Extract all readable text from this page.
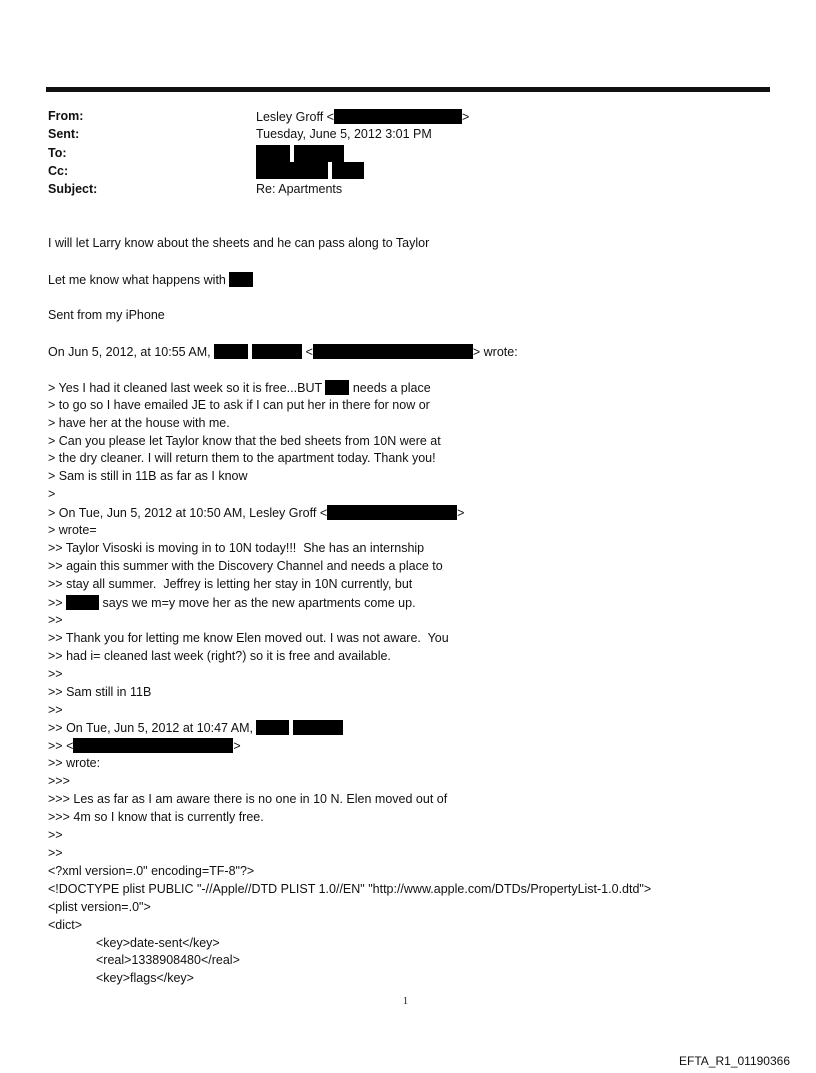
From:	Lesley Groff <	>
Sent:	Tuesday, June 5, 2012 3:01 PM
To:
Cc:
Subject:	Re: Apartments
I will let Larry know about the sheets and he can pass along to Taylor
Let me know what happens with
Sent from my iPhone
On Jun 5, 2012, at 10:55 AM,	<	> wrote:
> Yes I had it cleaned last week so it is free...BUT  needs a place
> to go so I have emailed JE to ask if I can put her in there for now or
> have her at the house with me.
> Can you please let Taylor know that the bed sheets from 10N were at
> the dry cleaner. I will return them to the apartment today. Thank you!
> Sam is still in 11B as far as I know
>
> On Tue, Jun 5, 2012 at 10:50 AM, Lesley Groff <	>
> wrote=
>> Taylor Visoski is moving in to 10N today!!!  She has an internship
>> again this summer with the Discovery Channel and needs a place to
>> stay all summer.  Jeffrey is letting her stay in 10N currently, but
>>	says we m=y move her as the new apartments come up.
>>
>> Thank you for letting me know Elen moved out. I was not aware.  You
>> had i= cleaned last week (right?) so it is free and available.
>>
>> Sam still in 11B
>>
>> On Tue, Jun 5, 2012 at 10:47 AM,
>> <	>
>> wrote:
>>>
>>> Les as far as I am aware there is no one in 10 N. Elen moved out of
>>> 4m so I know that is currently free.
>>
>>
<?xml version=.0" encoding=TF-8"?>
<!DOCTYPE plist PUBLIC "-//Apple//DTD PLIST 1.0//EN" "http://www.apple.com/DTDs/PropertyList-1.0.dtd">
<plist version=.0">
<dict>
<key>date-sent</key>
<real>1338908480</real>
<key>flags</key>
1
EFTA_R1_01190366
